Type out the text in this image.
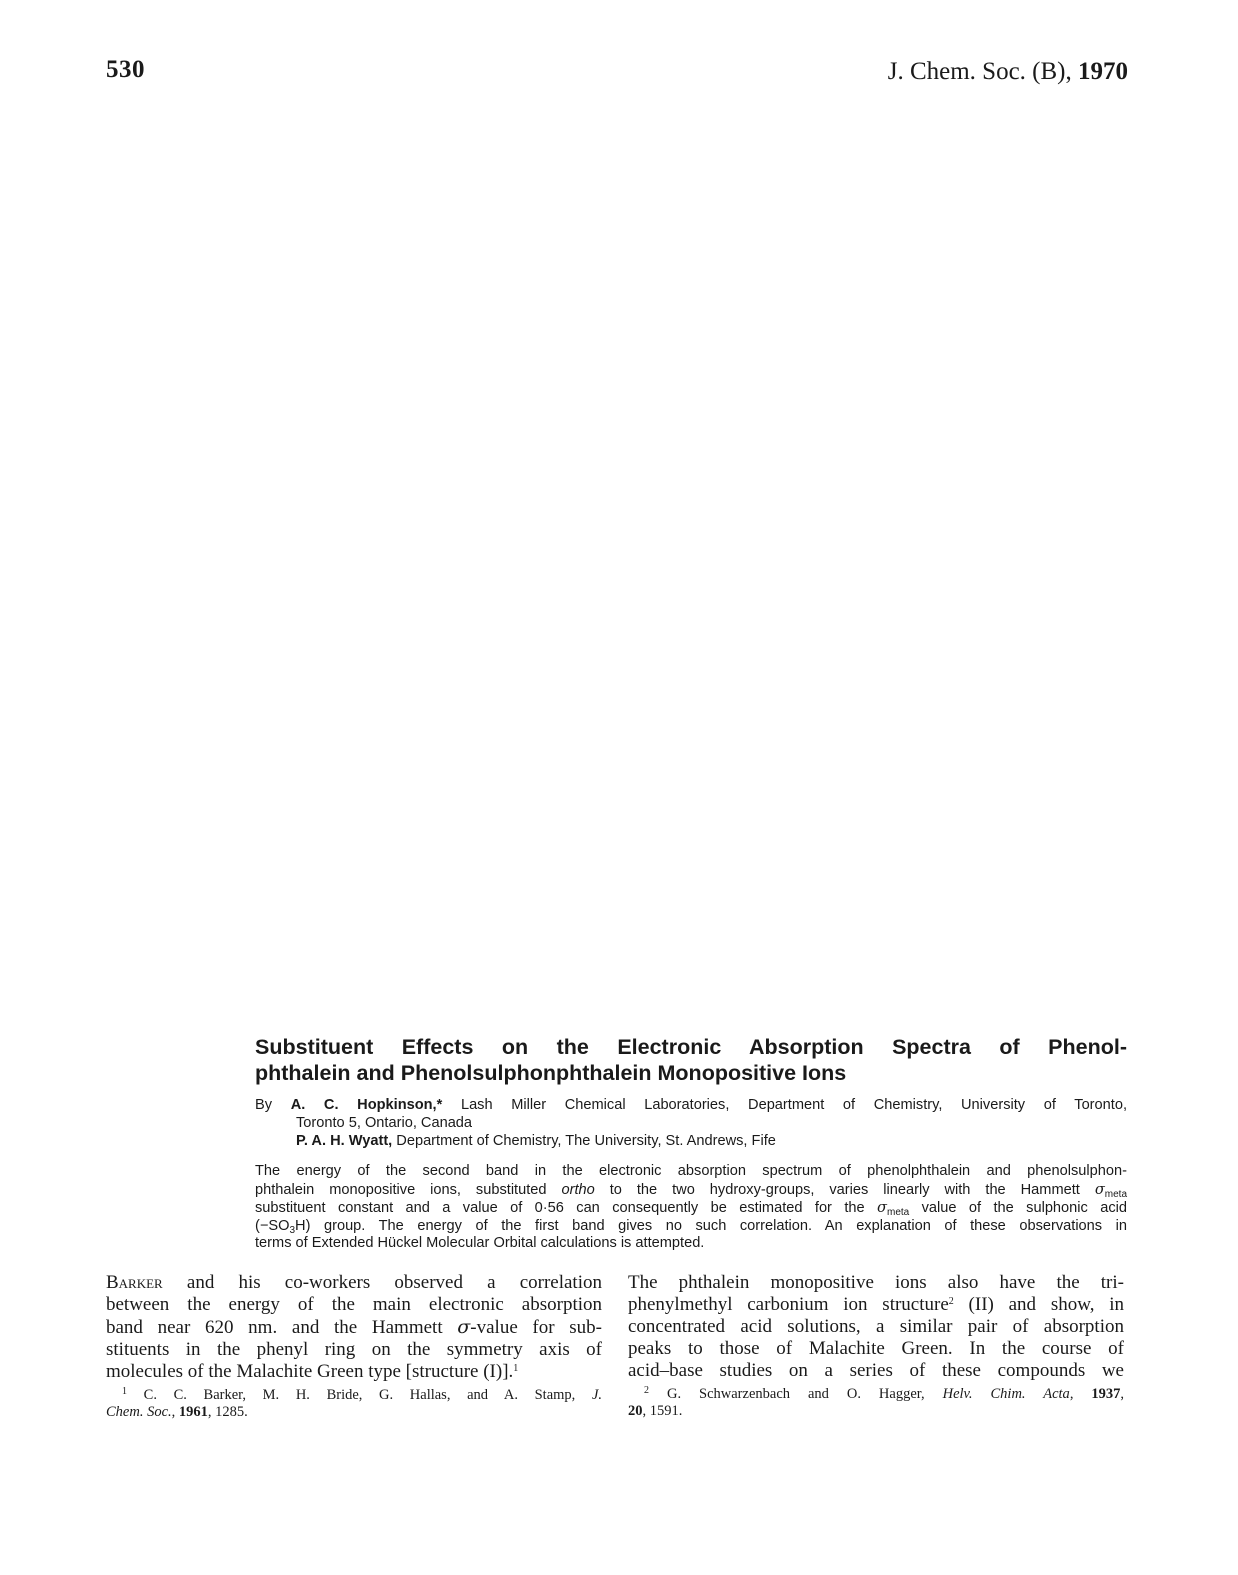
530	J. Chem. Soc. (B), 1970
Substituent Effects on the Electronic Absorption Spectra of Phenol-
phthalein and Phenolsulphonphthalein Monopositive Ions
By A. C. Hopkinson,* Lash Miller Chemical Laboratories, Department of Chemistry, University of Toronto,
Toronto 5, Ontario, Canada
P. A. H. Wyatt, Department of Chemistry, The University, St. Andrews, Fife
The energy of the second band in the electronic absorption spectrum of phenolphthalein and phenolsulphon-
phthalein monopositive ions, substituted ortho to the two hydroxy-groups, varies linearly with the Hammett $\sigma_{meta}$
substituent constant and a value of 0·56 can consequently be estimated for the $\sigma_{meta}$ value of the sulphonic acid
$(-SO_3H)$ group. The energy of the first band gives no such correlation. An explanation of these observations in
terms of Extended Hückel Molecular Orbital calculations is attempted.
Barker and his co-workers observed a correlation
between the energy of the main electronic absorption
band near 620 nm. and the Hammett σ-value for sub-
stituents in the phenyl ring on the symmetry axis of
molecules of the Malachite Green type [structure (I)].$^1$
$^1$ C. C. Barker, M. H. Bride, G. Hallas, and A. Stamp, J.
Chem. Soc., 1961, 1285.
The phthalein monopositive ions also have the tri-
phenylmethyl carbonium ion structure$^2$ (II) and show, in
concentrated acid solutions, a similar pair of absorption
peaks to those of Malachite Green. In the course of
acid–base studies on a series of these compounds we
$^2$ G. Schwarzenbach and O. Hagger, Helv. Chim. Acta, 1937,
20, 1591.
